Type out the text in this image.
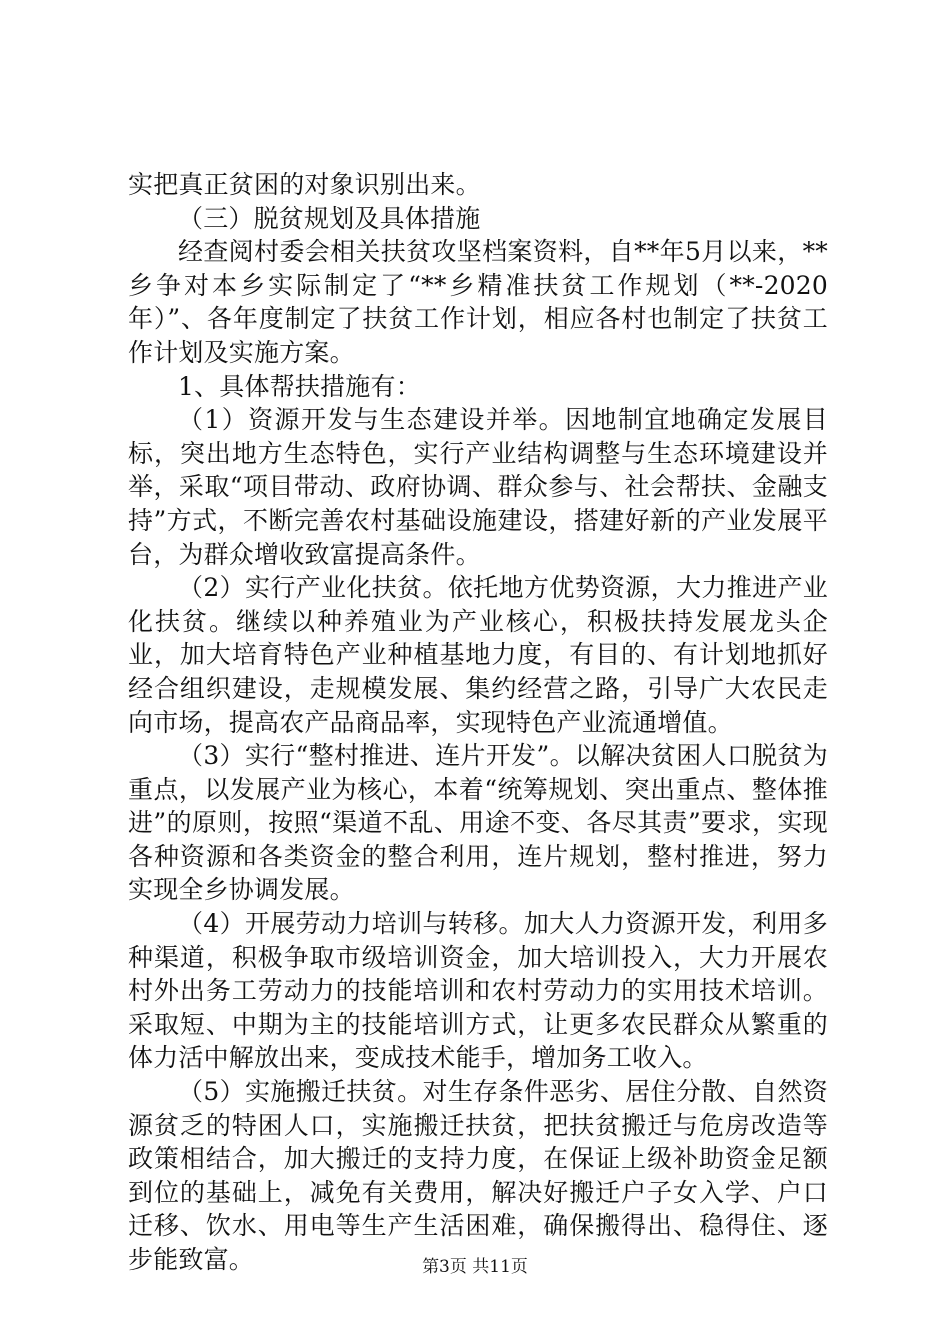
实把真正贫困的对象识别出来。

（三）脱贫规划及具体措施

经查阅村委会相关扶贫攻坚档案资料，自**年5月以来，**乡争对本乡实际制定了“**乡精准扶贫工作规划（**-2020年）”、各年度制定了扶贫工作计划，相应各村也制定了扶贫工作计划及实施方案。

1、具体帮扶措施有：

（1）资源开发与生态建设并举。因地制宜地确定发展目标，突出地方生态特色，实行产业结构调整与生态环境建设并举，采取“项目带动、政府协调、群众参与、社会帮扶、金融支持”方式，不断完善农村基础设施建设，搭建好新的产业发展平台，为群众增收致富提高条件。

（2）实行产业化扶贫。依托地方优势资源，大力推进产业化扶贫。继续以种养殖业为产业核心，积极扶持发展龙头企业，加大培育特色产业种植基地力度，有目的、有计划地抓好经合组织建设，走规模发展、集约经营之路，引导广大农民走向市场，提高农产品商品率，实现特色产业流通增值。

（3）实行“整村推进、连片开发”。以解决贫困人口脱贫为重点，以发展产业为核心，本着“统筹规划、突出重点、整体推进”的原则，按照“渠道不乱、用途不变、各尽其责”要求，实现各种资源和各类资金的整合利用，连片规划，整村推进，努力实现全乡协调发展。

（4）开展劳动力培训与转移。加大人力资源开发，利用多种渠道，积极争取市级培训资金，加大培训投入，大力开展农村外出务工劳动力的技能培训和农村劳动力的实用技术培训。采取短、中期为主的技能培训方式，让更多农民群众从繁重的体力活中解放出来，变成技术能手，增加务工收入。

（5）实施搬迁扶贫。对生存条件恶劣、居住分散、自然资源贫乏的特困人口，实施搬迁扶贫，把扶贫搬迁与危房改造等政策相结合，加大搬迁的支持力度，在保证上级补助资金足额到位的基础上，减免有关费用，解决好搬迁户子女入学、户口迁移、饮水、用电等生产生活困难，确保搬得出、稳得住、逐步能致富。	第3页 共11页
